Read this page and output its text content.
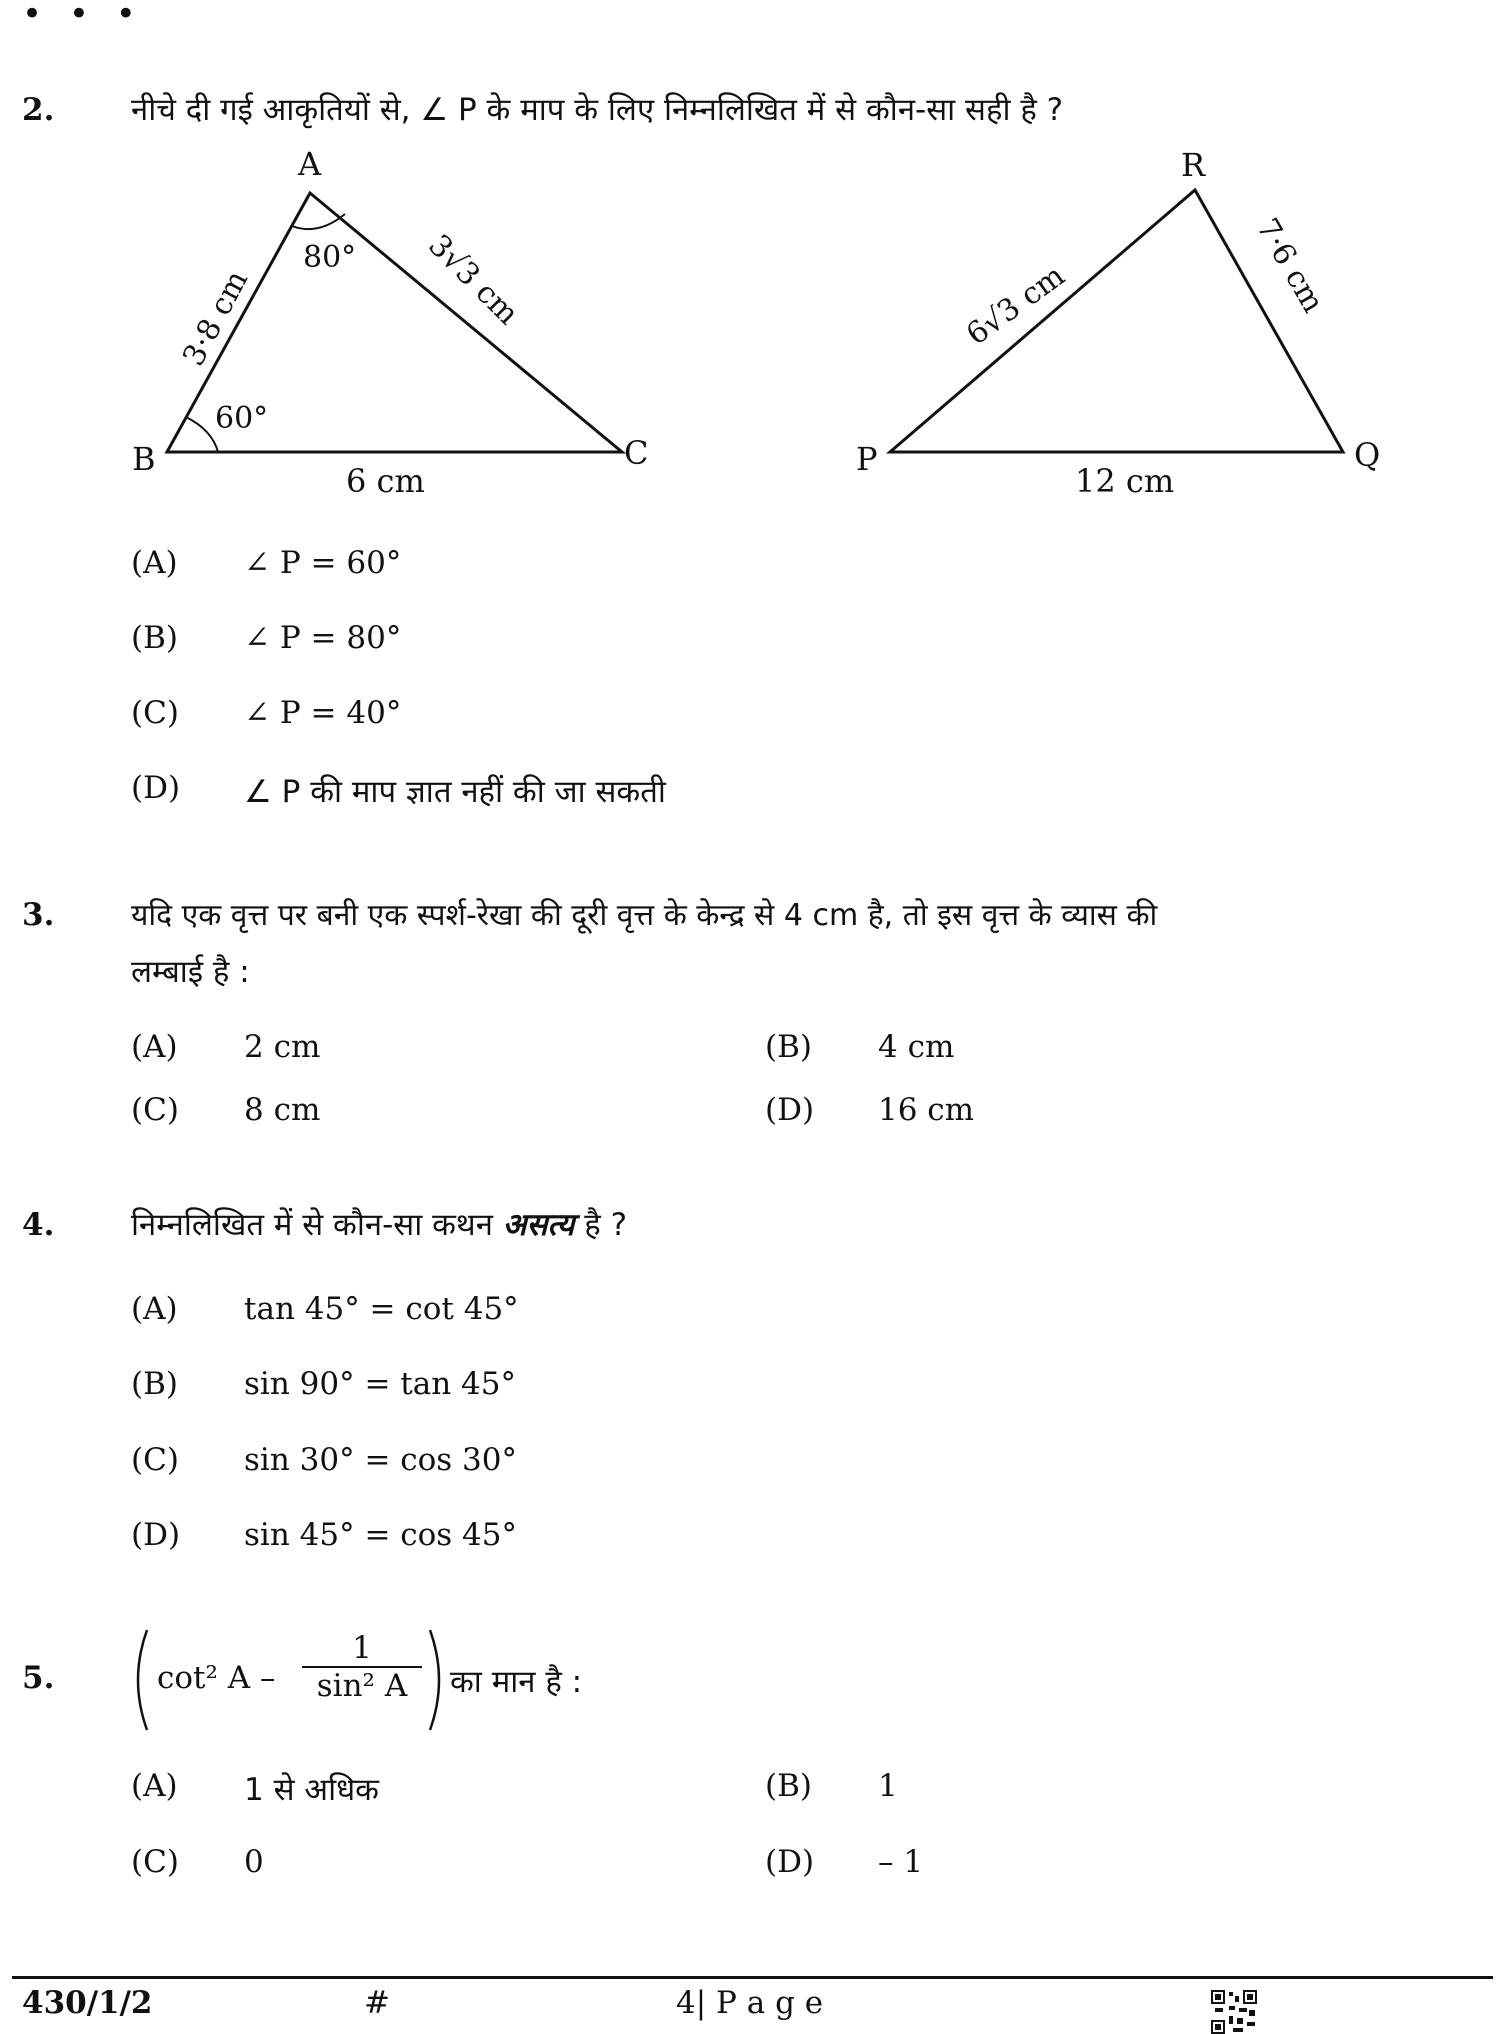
• • •
2. नीचे दी गई आकृतियों से, ∠ P के माप के लिए निम्नलिखित में से कौन-सा सही है ?
A
B	C
80°
60°
3·8 cm	3√3 cm
6 cm
P	Q
R
6√3 cm	7·6 cm
12 cm
(A) ∠ P = 60°
(B) ∠ P = 80°
(C) ∠ P = 40°
(D) ∠ P की माप ज्ञात नहीं की जा सकती
3.	यदि एक वृत्त पर बनी एक स्पर्श-रेखा की दूरी वृत्त के केन्द्र से 4 cm है, तो इस वृत्त के व्यास की
लम्बाई है :
(A) 2 cm	(B) 4 cm
(C) 8 cm	(D) 16 cm
4. निम्नलिखित में से कौन-सा कथन असत्य है ?
(A) tan 45° = cot 45°
(B) sin 90° = tan 45°
(C) sin 30° = cos 30°
(D) sin 45° = cos 45°
5.	cot² A – $\frac{1}{\text{sin² A}}$ का मान है :
(A) 1 से अधिक	(B) 1
(C) 0	(D) – 1
430/1/2	#	4| P a g e
